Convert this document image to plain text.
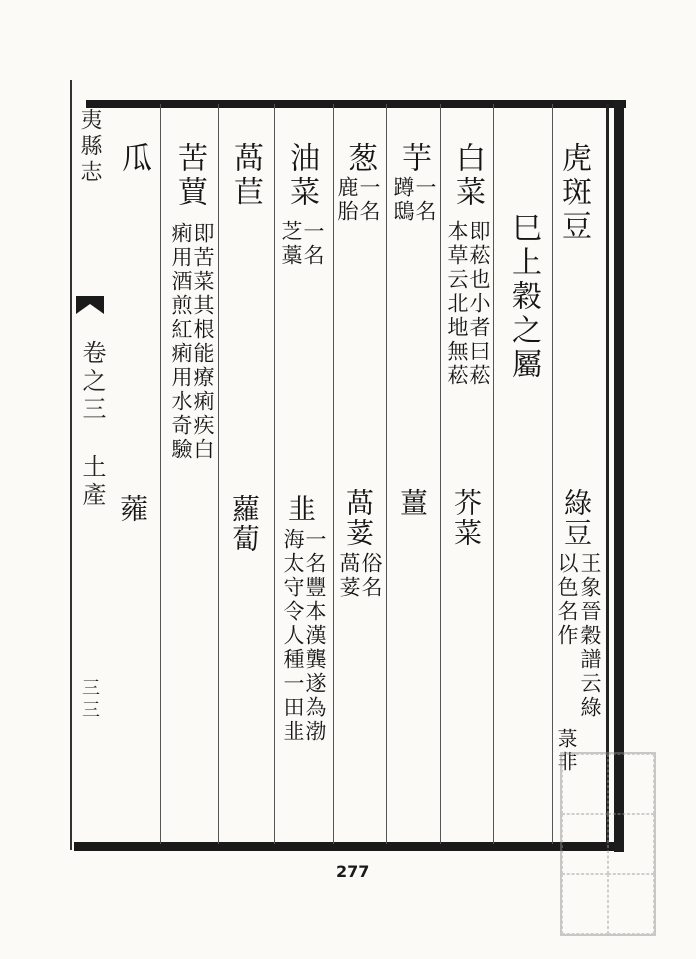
夷縣志
卷之三
土產
三三
虎斑豆
綠豆
王象晉穀譜云綠
以色名作
菉非
巳上穀之屬
白菜
即菘也小者曰菘
本草云北地無菘
芥菜
芋
一名
蹲鴟
薑
葱
一名
鹿胎
萵荽
俗名
萵荽
油菜
一名
芝藁
韭
一名豐本漢龔遂為渤
海太守令人種一田韭
萵苣
蘿蔔
苦蕒
即苦菜其根能療痢疾白
痢用酒煎紅痢用水奇驗
瓜
蕹
277
